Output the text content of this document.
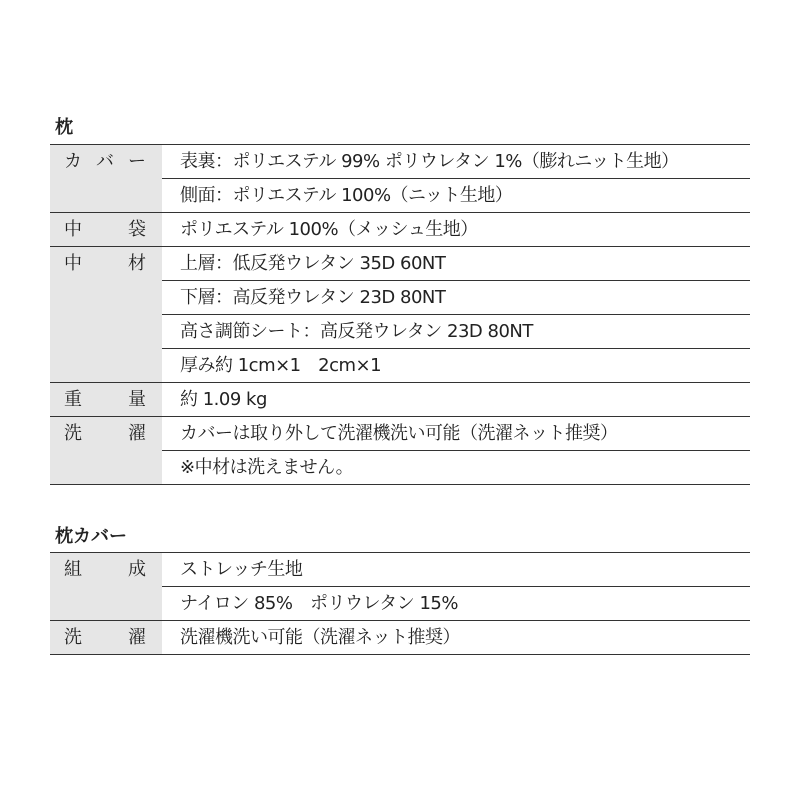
枕
カ バ ー	表裏：ポリエステル 99% ポリウレタン 1%（膨れニット生地）
	側面：ポリエステル 100%（ニット生地）

中 袋	ポリエステル 100%（メッシュ生地）

中 材	上層：低反発ウレタン 35D 60NT
	下層：高反発ウレタン 23D 80NT
	高さ調節シート：高反発ウレタン 23D 80NT
	厚み約 1cm×1　2cm×1

重 量	約 1.09 kg

洗 濯	カバーは取り外して洗濯機洗い可能（洗濯ネット推奨）
	※中材は洗えません。
枕カバー
組 成	ストレッチ生地
	ナイロン 85%　ポリウレタン 15%

洗 濯	洗濯機洗い可能（洗濯ネット推奨）
